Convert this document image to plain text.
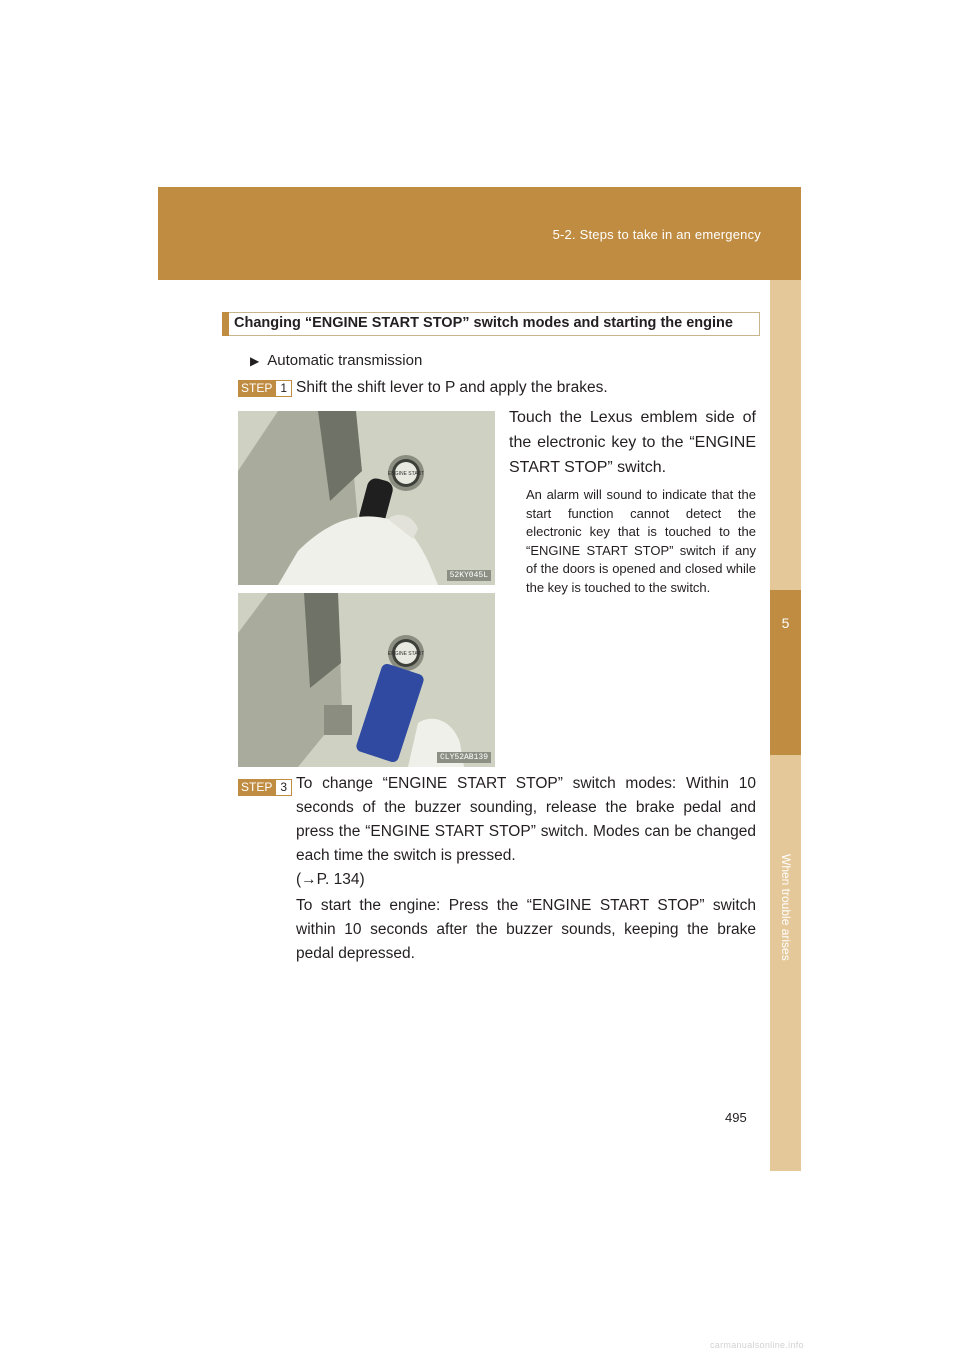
5-2. Steps to take in an emergency
5
Changing “ENGINE START STOP” switch modes and starting the engine
▶ Automatic transmission
STEP 1 Shift the shift lever to P and apply the brakes.
Touch the Lexus emblem side of the electronic key to the “ENGINE START STOP” switch.
An alarm will sound to indicate that the start function cannot detect the electronic key that is touched to the “ENGINE START STOP” switch if any of the doors is opened and closed while the key is touched to the switch.
ENGINE START
52KY045L
ENGINE START
CLY52AB139
STEP 3 To change “ENGINE START STOP” switch modes: Within 10 seconds of the buzzer sounding, release the brake pedal and press the “ENGINE START STOP” switch. Modes can be changed each time the switch is pressed.
(→P. 134)
To start the engine: Press the “ENGINE START STOP” switch within 10 seconds after the buzzer sounds, keeping the brake pedal depressed.
495
carmanualsonline.info
